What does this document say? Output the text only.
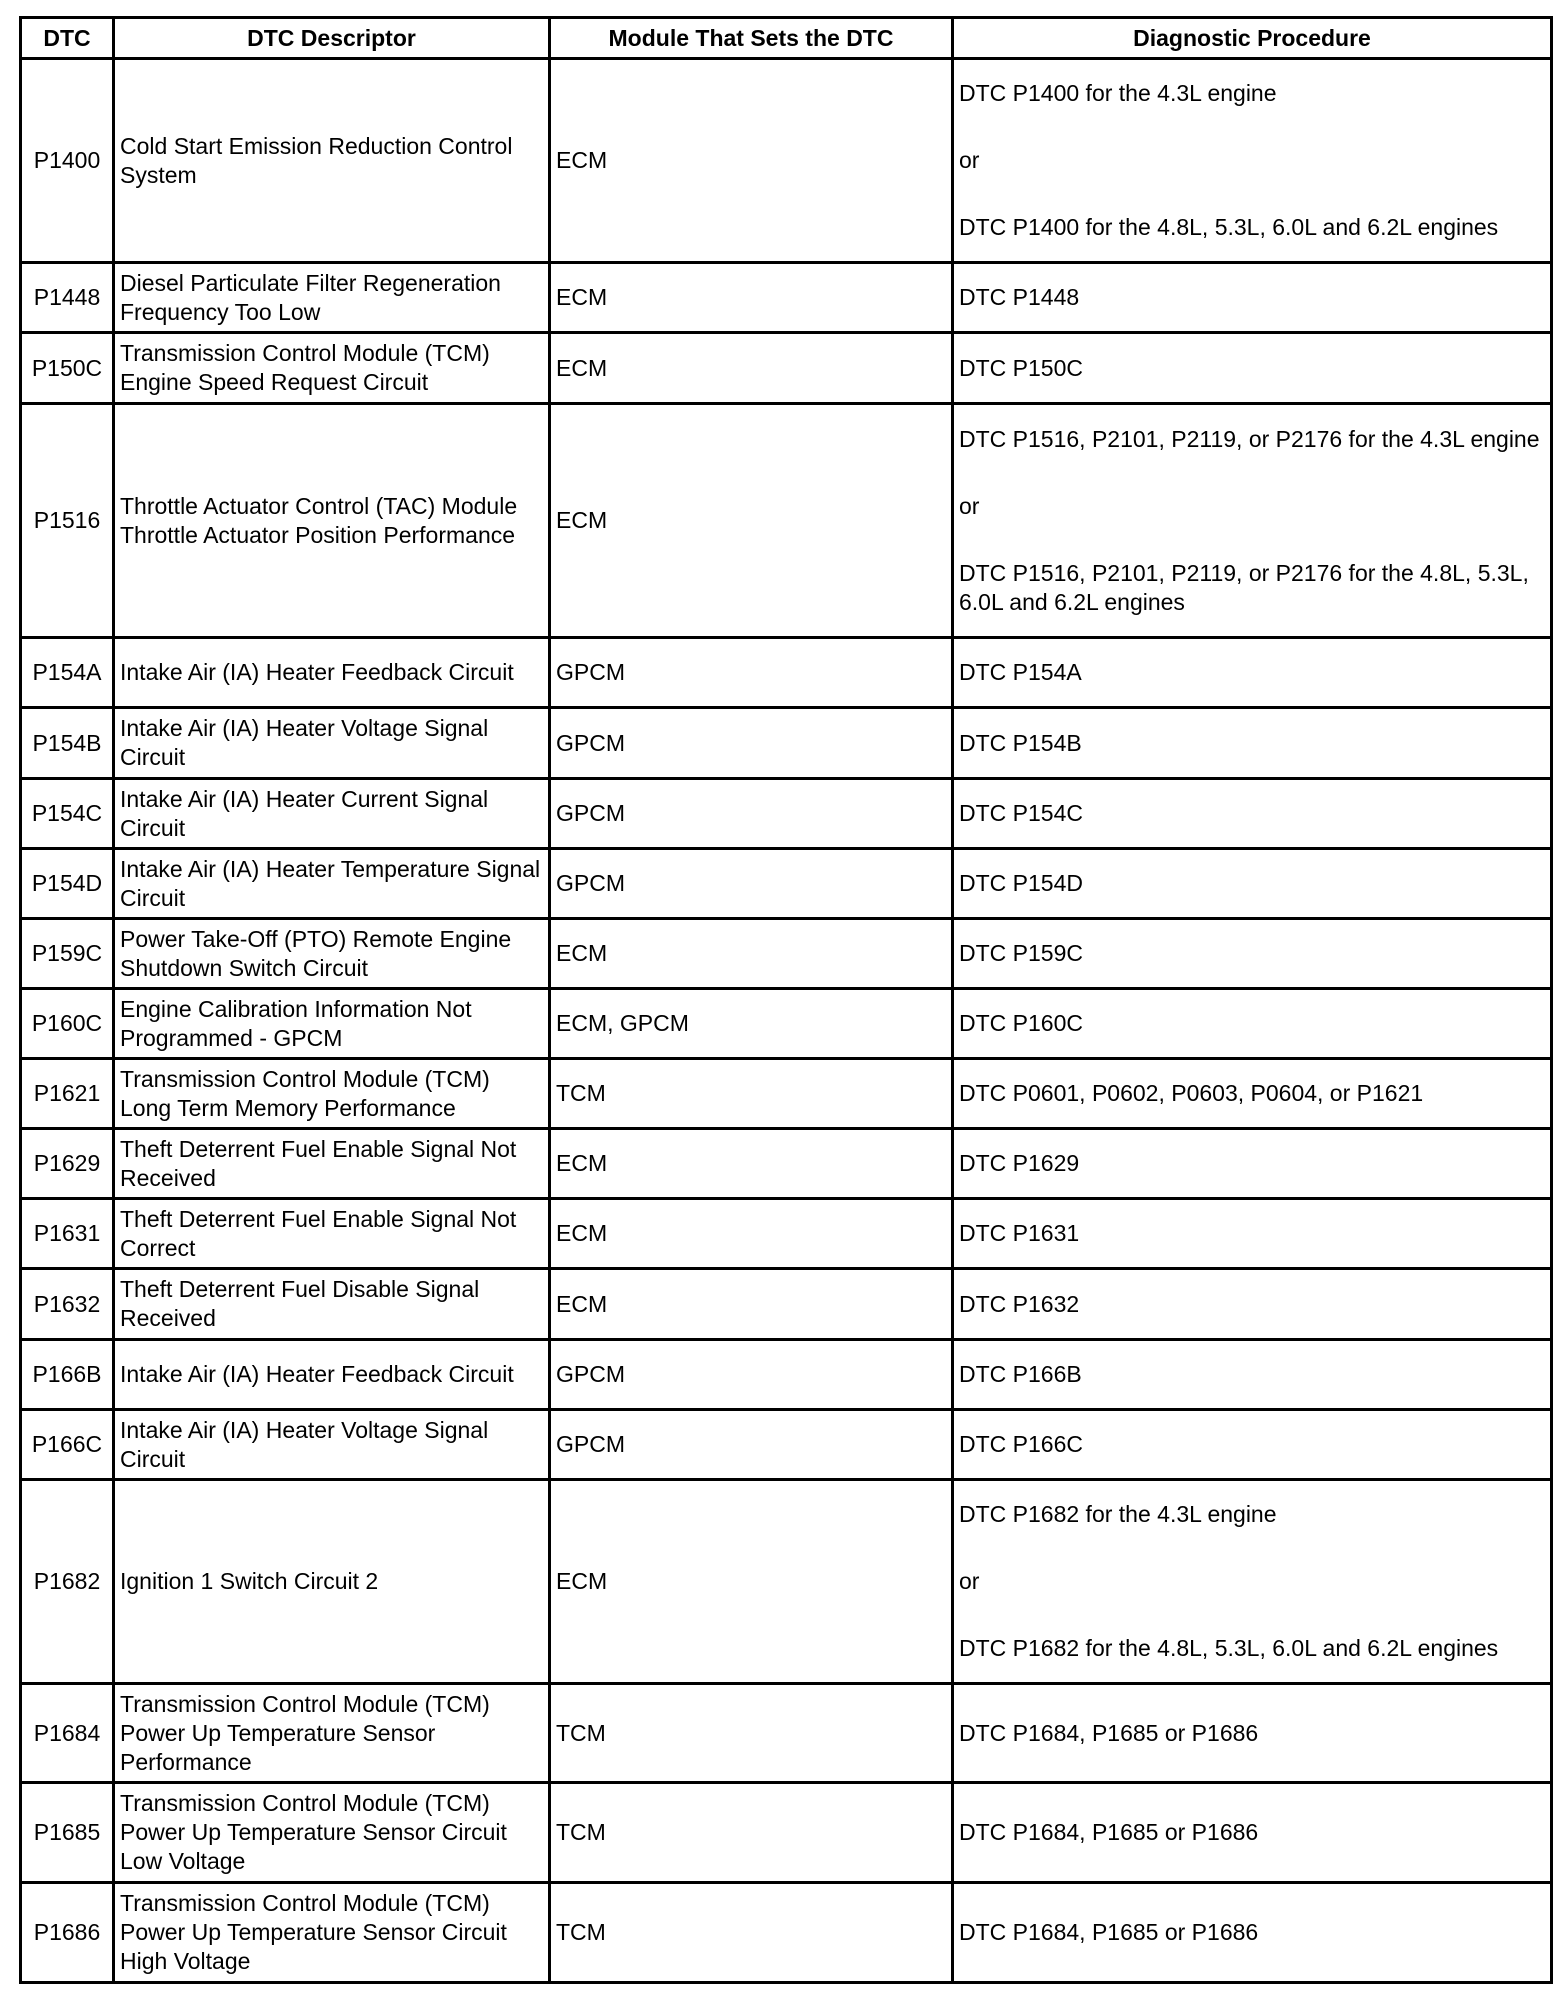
DTC	DTC Descriptor	Module That Sets the DTC	Diagnostic Procedure
P1400	Cold Start Emission Reduction Control System	ECM	DTC P1400 for the 4.3L engine
or
DTC P1400 for the 4.8L, 5.3L, 6.0L and 6.2L engines

P1448	Diesel Particulate Filter Regeneration Frequency Too Low	ECM	DTC P1448

P150C	Transmission Control Module (TCM) Engine Speed Request Circuit	ECM	DTC P150C

P1516	Throttle Actuator Control (TAC) Module Throttle Actuator Position Performance	ECM	DTC P1516, P2101, P2119, or P2176 for the 4.3L engine
or
DTC P1516, P2101, P2119, or P2176 for the 4.8L, 5.3L, 6.0L and 6.2L engines

P154A	Intake Air (IA) Heater Feedback Circuit	GPCM	DTC P154A

P154B	Intake Air (IA) Heater Voltage Signal Circuit	GPCM	DTC P154B

P154C	Intake Air (IA) Heater Current Signal Circuit	GPCM	DTC P154C

P154D	Intake Air (IA) Heater Temperature Signal Circuit	GPCM	DTC P154D

P159C	Power Take-Off (PTO) Remote Engine Shutdown Switch Circuit	ECM	DTC P159C

P160C	Engine Calibration Information Not Programmed - GPCM	ECM, GPCM	DTC P160C

P1621	Transmission Control Module (TCM) Long Term Memory Performance	TCM	DTC P0601, P0602, P0603, P0604, or P1621

P1629	Theft Deterrent Fuel Enable Signal Not Received	ECM	DTC P1629

P1631	Theft Deterrent Fuel Enable Signal Not Correct	ECM	DTC P1631

P1632	Theft Deterrent Fuel Disable Signal Received	ECM	DTC P1632

P166B	Intake Air (IA) Heater Feedback Circuit	GPCM	DTC P166B

P166C	Intake Air (IA) Heater Voltage Signal Circuit	GPCM	DTC P166C

P1682	Ignition 1 Switch Circuit 2	ECM	DTC P1682 for the 4.3L engine
or
DTC P1682 for the 4.8L, 5.3L, 6.0L and 6.2L engines

P1684	Transmission Control Module (TCM) Power Up Temperature Sensor Performance	TCM	DTC P1684, P1685 or P1686

P1685	Transmission Control Module (TCM) Power Up Temperature Sensor Circuit Low Voltage	TCM	DTC P1684, P1685 or P1686

P1686	Transmission Control Module (TCM) Power Up Temperature Sensor Circuit High Voltage	TCM	DTC P1684, P1685 or P1686
